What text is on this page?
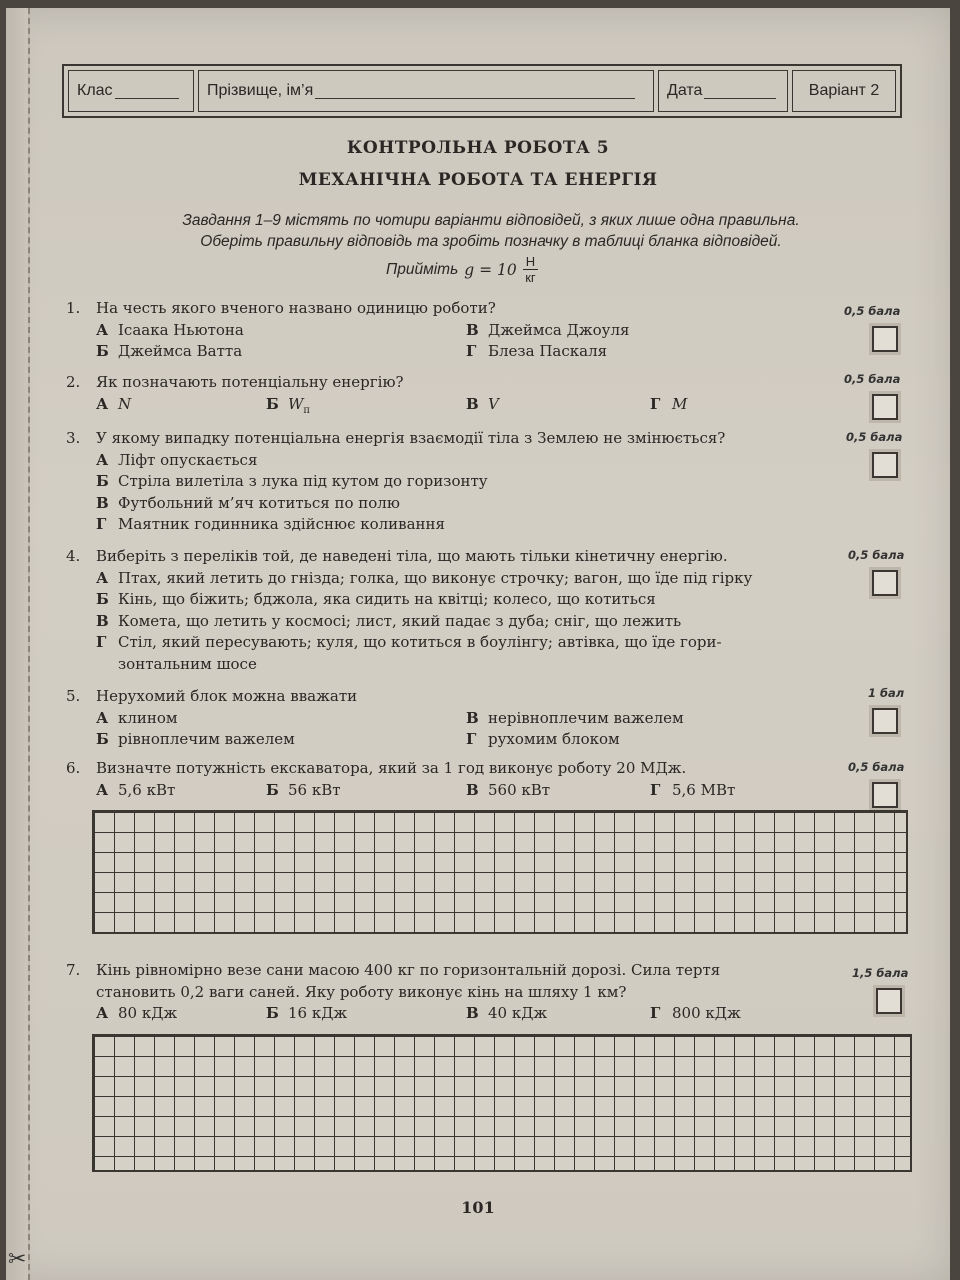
✂
Клас	Прізвище, ім’я	Дата	Варіант 2
КОНТРОЛЬНА РОБОТА 5
МЕХАНІЧНА РОБОТА ТА ЕНЕРГІЯ
Завдання 1–9 містять по чотири варіанти відповідей, з яких лише одна правильна.
Оберіть правильну відповідь та зробіть позначку в таблиці бланка відповідей.
Прийміть $g = 10 \frac{Н}{кг}$
1.	На честь якого вченого названо одиницю роботи?
А Ісаака Ньютона	В Джеймса Джоуля
Б Джеймса Ватта	Г Блеза Паскаля
0,5 бала
2.	Як позначають потенціальну енергію?
А N	Б $W_п$	В V	Г M
0,5 бала
3.	У якому випадку потенціальна енергія взаємодії тіла з Землею не змінюється?
А Ліфт опускається
Б Стріла вилетіла з лука під кутом до горизонту
В Футбольний м’яч котиться по полю
Г Маятник годинника здійснює коливання
0,5 бала
4.	Виберіть з переліків той, де наведені тіла, що мають тільки кінетичну енергію.
А Птах, який летить до гнізда; голка, що виконує строчку; вагон, що їде під гірку
Б Кінь, що біжить; бджола, яка сидить на квітці; колесо, що котиться
В Комета, що летить у космосі; лист, який падає з дуба; сніг, що лежить
Г Стіл, який пересувають; куля, що котиться в боулінгу; автівка, що їде гори-
зонтальним шосе
0,5 бала
5.	Нерухомий блок можна вважати
А клином	В нерівноплечим важелем
Б рівноплечим важелем	Г рухомим блоком
1 бал
6.	Визначте потужність екскаватора, який за 1 год виконує роботу 20 МДж.
А 5,6 кВт	Б 56 кВт	В 560 кВт	Г 5,6 МВт
0,5 бала
7.	Кінь рівномірно везе сани масою 400 кг по горизонтальній дорозі. Сила тертя
становить 0,2 ваги саней. Яку роботу виконує кінь на шляху 1 км?
А 80 кДж	Б 16 кДж	В 40 кДж	Г 800 кДж
1,5 бала
101
